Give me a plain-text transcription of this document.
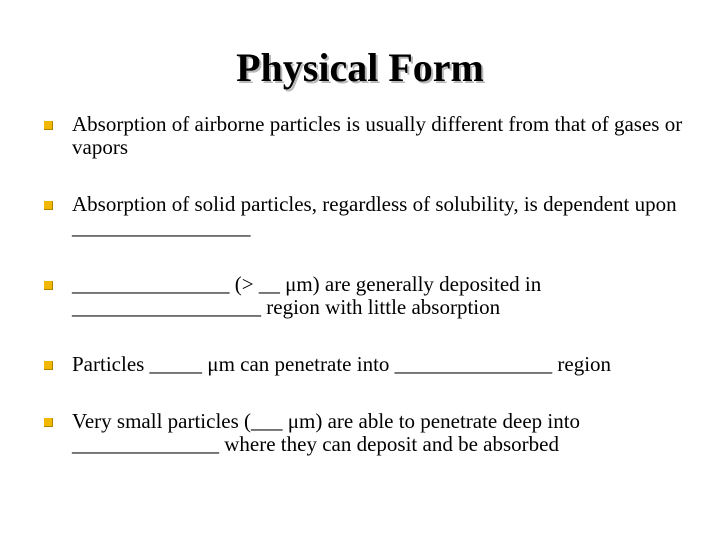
Physical Form
Absorption of airborne particles is usually different from that of gases or vapors
Absorption of solid particles, regardless of solubility, is dependent upon _________________
_______________ (> __ μm) are generally deposited in __________________ region with little absorption
Particles _____ μm can penetrate into _______________ region
Very small particles (___ μm) are able to penetrate deep into ______________ where they can deposit and be absorbed
